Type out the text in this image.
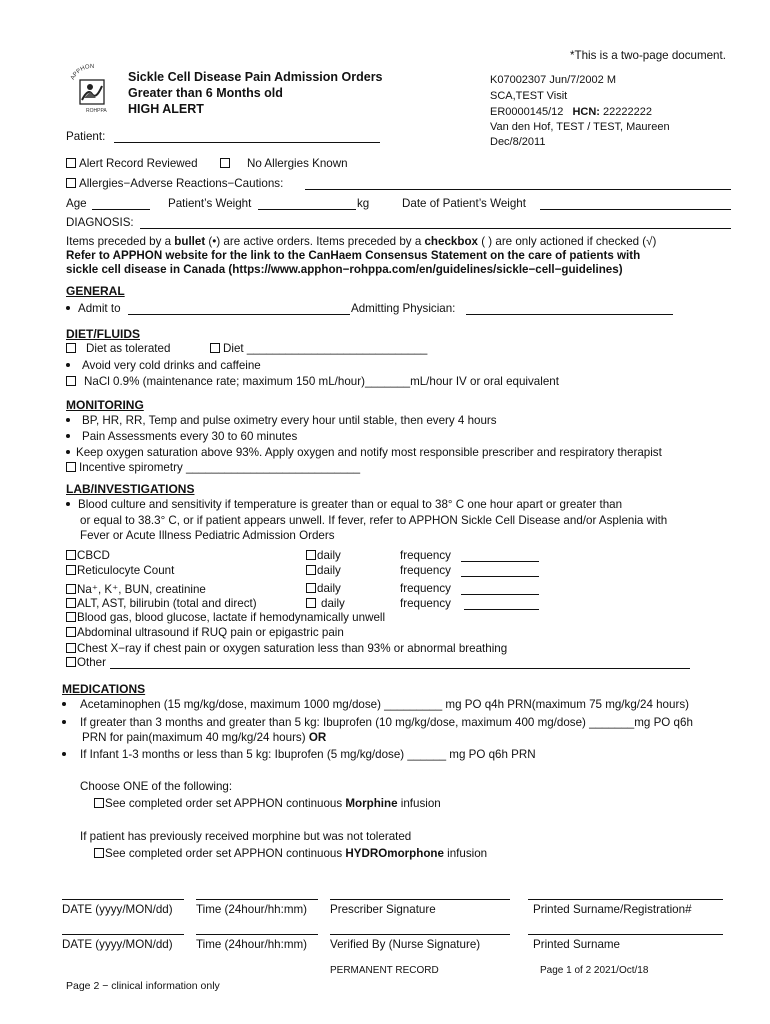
*This is a two-page document.
APPHON
ROHPPA
Sickle Cell Disease Pain Admission Orders
Greater than 6 Months old
HIGH ALERT
K07002307 Jun/7/2002 M
SCA,TEST Visit
ER0000145/12 HCN: 22222222
Van den Hof, TEST / TEST, Maureen
Dec/8/2011
Patient:
Alert Record Reviewed	No Allergies Known
Allergies−Adverse Reactions−Cautions:
Age	Patient’s Weight	kg	Date of Patient’s Weight
DIAGNOSIS:
Items preceded by a bullet (•) are active orders. Items preceded by a checkbox ( ) are only actioned if checked (√)
Refer to APPHON website for the link to the CanHaem Consensus Statement on the care of patients with
sickle cell disease in Canada (https://www.apphon−rohppa.com/en/guidelines/sickle−cell−guidelines)
GENERAL
Admit to	Admitting Physician:
DIET/FLUIDS
Diet as tolerated	Diet ____________________________
Avoid very cold drinks and caffeine
NaCl 0.9% (maintenance rate; maximum 150 mL/hour)_______mL/hour IV or oral equivalent
MONITORING
BP, HR, RR, Temp and pulse oximetry every hour until stable, then every 4 hours
Pain Assessments every 30 to 60 minutes
Keep oxygen saturation above 93%. Apply oxygen and notify most responsible prescriber and respiratory therapist
Incentive spirometry ___________________________
LAB/INVESTIGATIONS
Blood culture and sensitivity if temperature is greater than or equal to 38° C one hour apart or greater than
or equal to 38.3° C, or if patient appears unwell. If fever, refer to APPHON Sickle Cell Disease and/or Asplenia with
Fever or Acute Illness Pediatric Admission Orders
CBCD	daily	frequency
Reticulocyte Count	daily	frequency
Na⁺, K⁺, BUN, creatinine	daily	frequency
ALT, AST, bilirubin (total and direct)	daily	frequency
Blood gas, blood glucose, lactate if hemodynamically unwell
Abdominal ultrasound if RUQ pain or epigastric pain
Chest X−ray if chest pain or oxygen saturation less than 93% or abnormal breathing
Other
MEDICATIONS
Acetaminophen (15 mg/kg/dose, maximum 1000 mg/dose) _________ mg PO q4h PRN(maximum 75 mg/kg/24 hours)
If greater than 3 months and greater than 5 kg: Ibuprofen (10 mg/kg/dose, maximum 400 mg/dose) _______mg PO q6h
PRN for pain(maximum 40 mg/kg/24 hours) OR
If Infant 1-3 months or less than 5 kg: Ibuprofen (5 mg/kg/dose) ______ mg PO q6h PRN
Choose ONE of the following:
See completed order set APPHON continuous Morphine infusion
If patient has previously received morphine but was not tolerated
See completed order set APPHON continuous HYDROmorphone infusion
DATE (yyyy/MON/dd) Time (24hour/hh:mm) Prescriber Signature	Printed Surname/Registration#
DATE (yyyy/MON/dd) Time (24hour/hh:mm) Verified By (Nurse Signature)	Printed Surname
PERMANENT RECORD	Page 1 of 2 2021/Oct/18
Page 2 − clinical information only
